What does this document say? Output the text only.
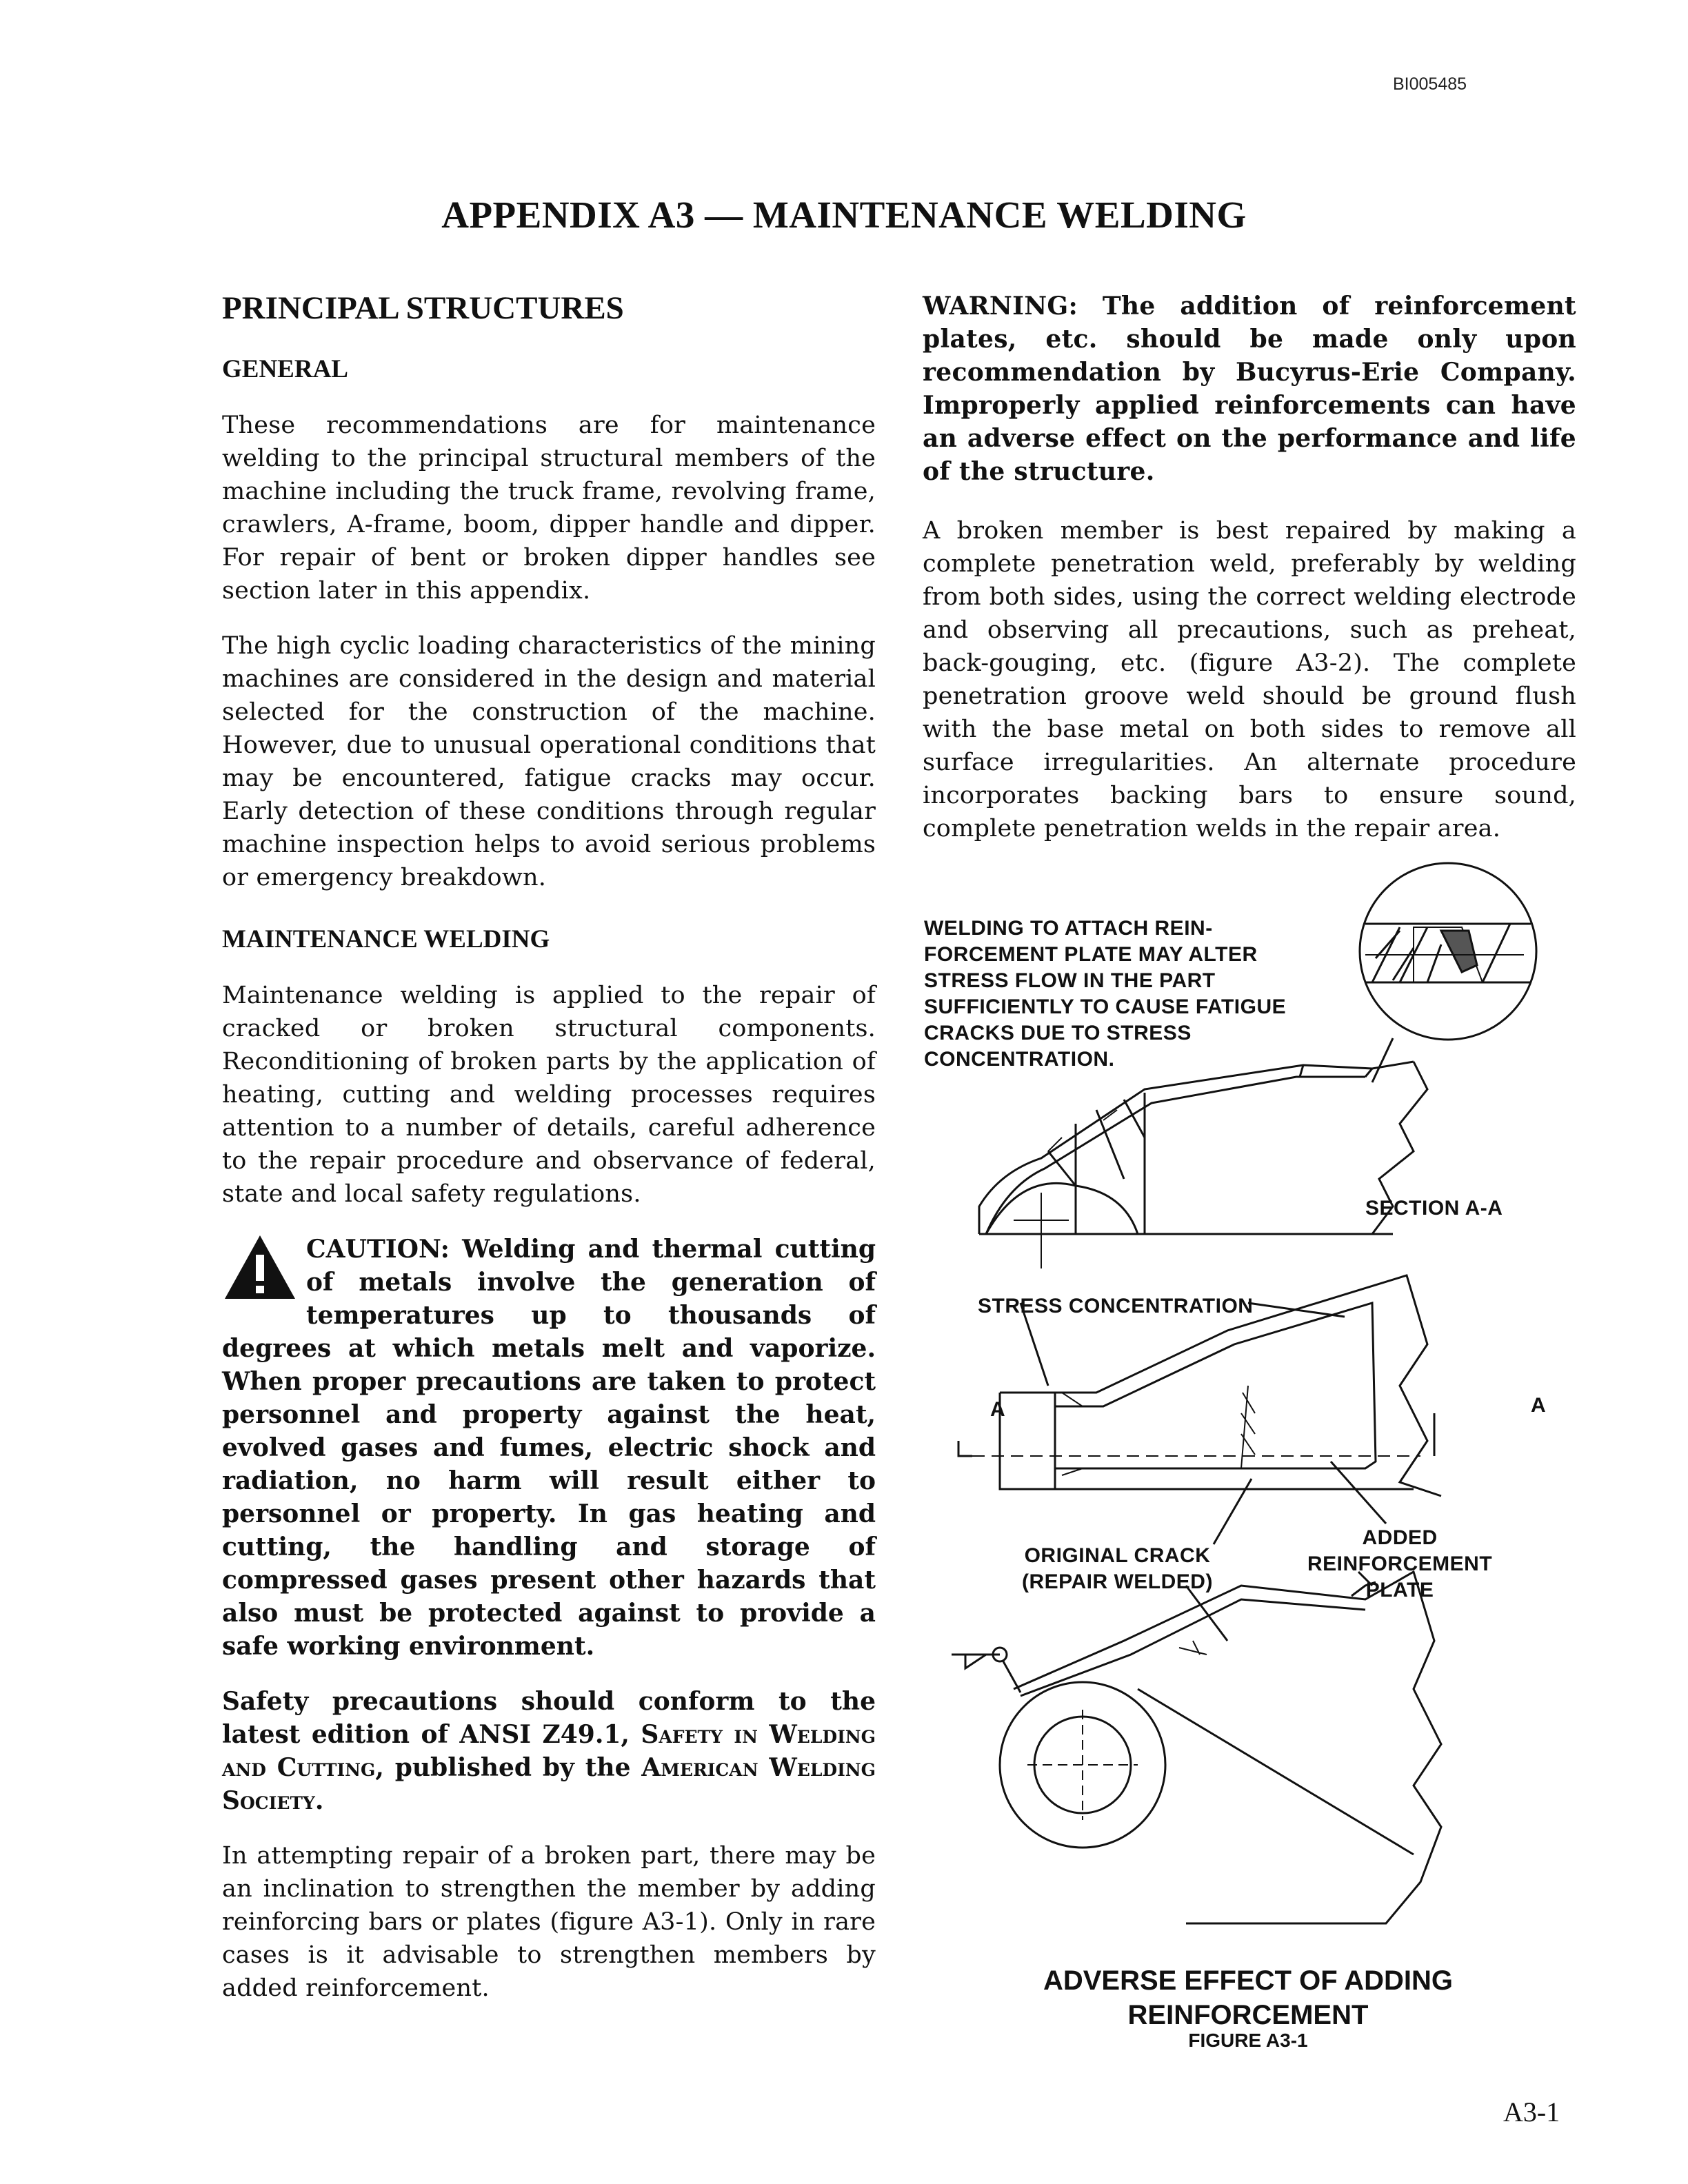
BI005485
APPENDIX A3 — MAINTENANCE WELDING
PRINCIPAL STRUCTURES
GENERAL

These recommendations are for maintenance welding to the principal structural members of the machine including the truck frame, revolving frame, crawlers, A-frame, boom, dipper handle and dipper. For repair of bent or broken dipper handles see section later in this appendix.

The high cyclic loading characteristics of the mining machines are considered in the design and material selected for the construction of the machine. However, due to unusual operational conditions that may be encountered, fatigue cracks may occur. Early detection of these conditions through regular machine inspection helps to avoid serious problems or emergency breakdown.

MAINTENANCE WELDING

Maintenance welding is applied to the repair of cracked or broken structural components. Reconditioning of broken parts by the application of heating, cutting and welding processes requires attention to a number of details, careful adherence to the repair procedure and observance of federal, state and local safety regulations.

CAUTION: Welding and thermal cutting of metals involve the generation of temperatures up to thousands of degrees at which metals melt and vaporize. When proper precautions are taken to protect personnel and property against the heat, evolved gases and fumes, electric shock and radiation, no harm will result either to personnel or property. In gas heating and cutting, the handling and storage of compressed gases present other hazards that also must be protected against to provide a safe working environment.

Safety precautions should conform to the latest edition of ANSI Z49.1, Safety in Welding and Cutting, published by the American Welding Society.

In attempting repair of a broken part, there may be an inclination to strengthen the member by adding reinforcing bars or plates (figure A3-1). Only in rare cases is it advisable to strengthen members by added reinforcement.

WARNING: The addition of reinforcement plates, etc. should be made only upon recommendation by Bucyrus-Erie Company. Improperly applied reinforcements can have an adverse effect on the performance and life of the structure.

A broken member is best repaired by making a complete penetration weld, preferably by welding from both sides, using the correct welding electrode and observing all precautions, such as preheat, back-gouging, etc. (figure A3-2). The complete penetration groove weld should be ground flush with the base metal on both sides to remove all surface irregularities. An alternate procedure incorporates backing bars to ensure sound, complete penetration welds in the repair area.

WELDING TO ATTACH REIN-
FORCEMENT PLATE MAY ALTER
STRESS FLOW IN THE PART
SUFFICIENTLY TO CAUSE FATIGUE
CRACKS DUE TO STRESS
CONCENTRATION.
SECTION A-A
STRESS CONCENTRATION
A	A
ORIGINAL CRACK
(REPAIR WELDED)
ADDED
REINFORCEMENT
PLATE
ADVERSE EFFECT OF ADDING
REINFORCEMENT
FIGURE A3-1
A3-1
